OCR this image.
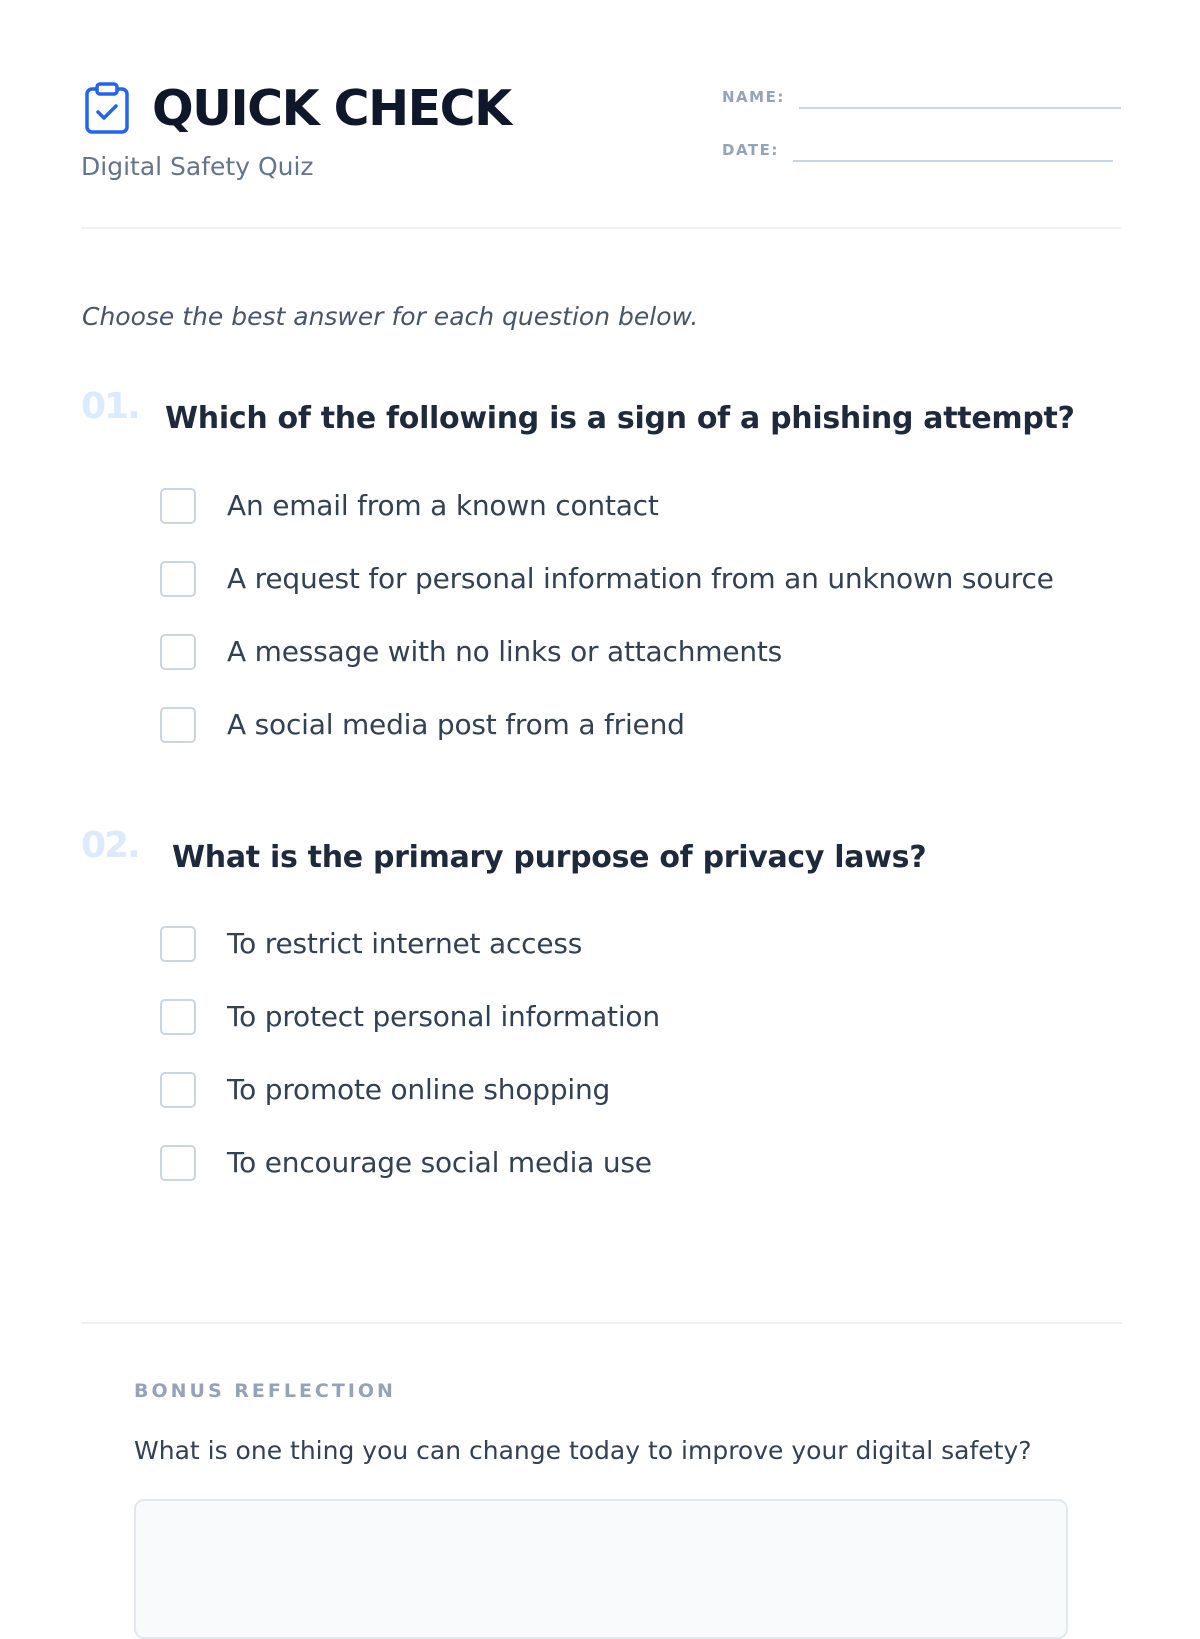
QUICK CHECK
Digital Safety Quiz
NAME:
DATE:
Choose the best answer for each question below.
01. Which of the following is a sign of a phishing attempt?
An email from a known contact
A request for personal information from an unknown source
A message with no links or attachments
A social media post from a friend
02. What is the primary purpose of privacy laws?
To restrict internet access
To protect personal information
To promote online shopping
To encourage social media use
BONUS REFLECTION
What is one thing you can change today to improve your digital safety?
